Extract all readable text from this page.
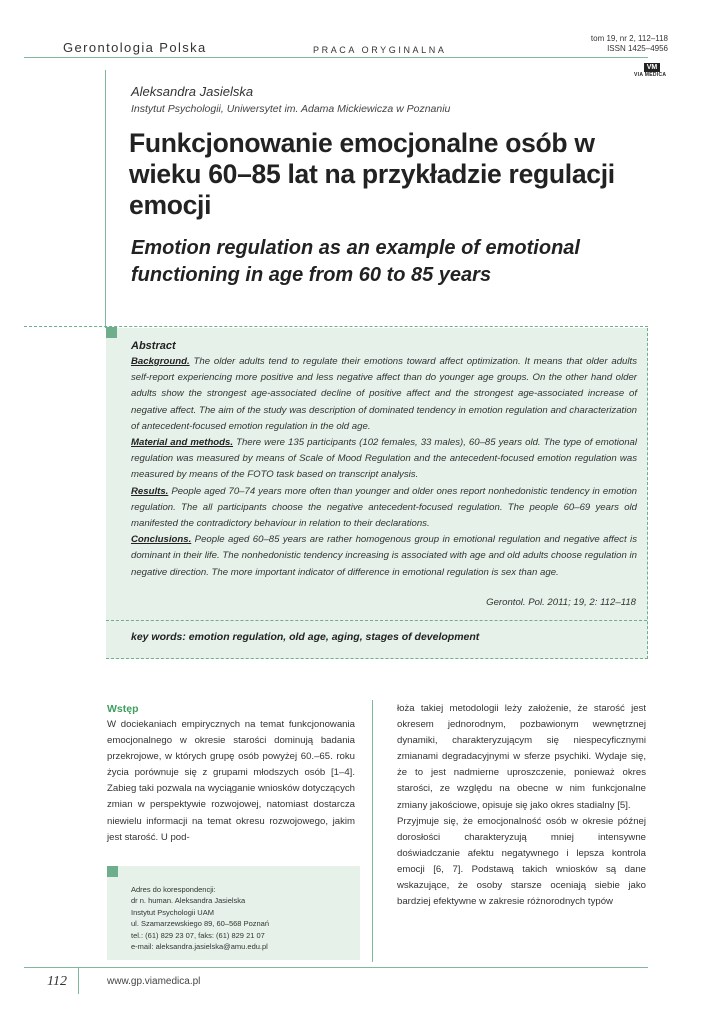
Gerontologia Polska	PRACA ORYGINALNA
tom 19, nr 2, 112–118
ISSN 1425–4956
VM
VIA MEDICA
Aleksandra Jasielska
Instytut Psychologii, Uniwersytet im. Adama Mickiewicza w Poznaniu
Funkcjonowanie emocjonalne osób w wieku 60–85 lat na przykładzie regulacji emocji
Emotion regulation as an example of emotional functioning in age from 60 to 85 years
Abstract

Background. The older adults tend to regulate their emotions toward affect optimization. It means that older adults self-report experiencing more positive and less negative affect than do younger age groups. On the other hand older adults show the strongest age-associated decline of positive affect and the strongest age-associated increase of negative affect. The aim of the study was description of dominated tendency in emotion regulation and characterization of antecedent-focused emotion regulation in the old age.
Material and methods. There were 135 participants (102 females, 33 males), 60–85 years old. The type of emotional regulation was measured by means of Scale of Mood Regulation and the antecedent-focused emotion regulation was measured by means of the FOTO task based on transcript analysis.
Results. People aged 70–74 years more often than younger and older ones report nonhedonistic tendency in emotion regulation. The all participants choose the negative antecedent-focused regulation. The people 60–69 years old manifested the contradictory behaviour in relation to their declarations.
Conclusions. People aged 60–85 years are rather homogenous group in emotional regulation and negative affect is dominant in their life. The nonhedonistic tendency increasing is associated with age and old adults choose regulation in negative direction. The more important indicator of difference in emotional regulation is sex than age.

Gerontol. Pol. 2011; 19, 2: 112–118
key words: emotion regulation, old age, aging, stages of development
Wstęp

W dociekaniach empirycznych na temat funkcjonowania emocjonalnego w okresie starości dominują badania przekrojowe, w których grupę osób powyżej 60.–65. roku życia porównuje się z grupami młodszych osób [1–4]. Zabieg taki pozwala na wyciąganie wniosków dotyczących zmian w perspektywie rozwojowej, natomiast dostarcza niewielu informacji na temat okresu rozwojowego, jakim jest starość. U pod-

łoża takiej metodologii leży założenie, że starość jest okresem jednorodnym, pozbawionym wewnętrznej dynamiki, charakteryzującym się niespecyficznymi zmianami degradacyjnymi w sferze psychiki. Wydaje się, że to jest nadmierne uproszczenie, ponieważ okres starości, ze względu na obecne w nim funkcjonalne zmiany jakościowe, opisuje się jako okres stadialny [5].

Przyjmuje się, że emocjonalność osób w okresie późnej dorosłości charakteryzują mniej intensywne doświadczanie afektu negatywnego i lepsza kontrola emocji [6, 7]. Podstawą takich wniosków są dane wskazujące, że osoby starsze oceniają siebie jako bardziej efektywne w zakresie różnorodnych typów

Adres do korespondencji:
dr n. human. Aleksandra Jasielska
Instytut Psychologii UAM
ul. Szamarzewskiego 89, 60–568 Poznań
tel.: (61) 829 23 07, faks: (61) 829 21 07
e-mail: aleksandra.jasielska@amu.edu.pl
112	www.gp.viamedica.pl
